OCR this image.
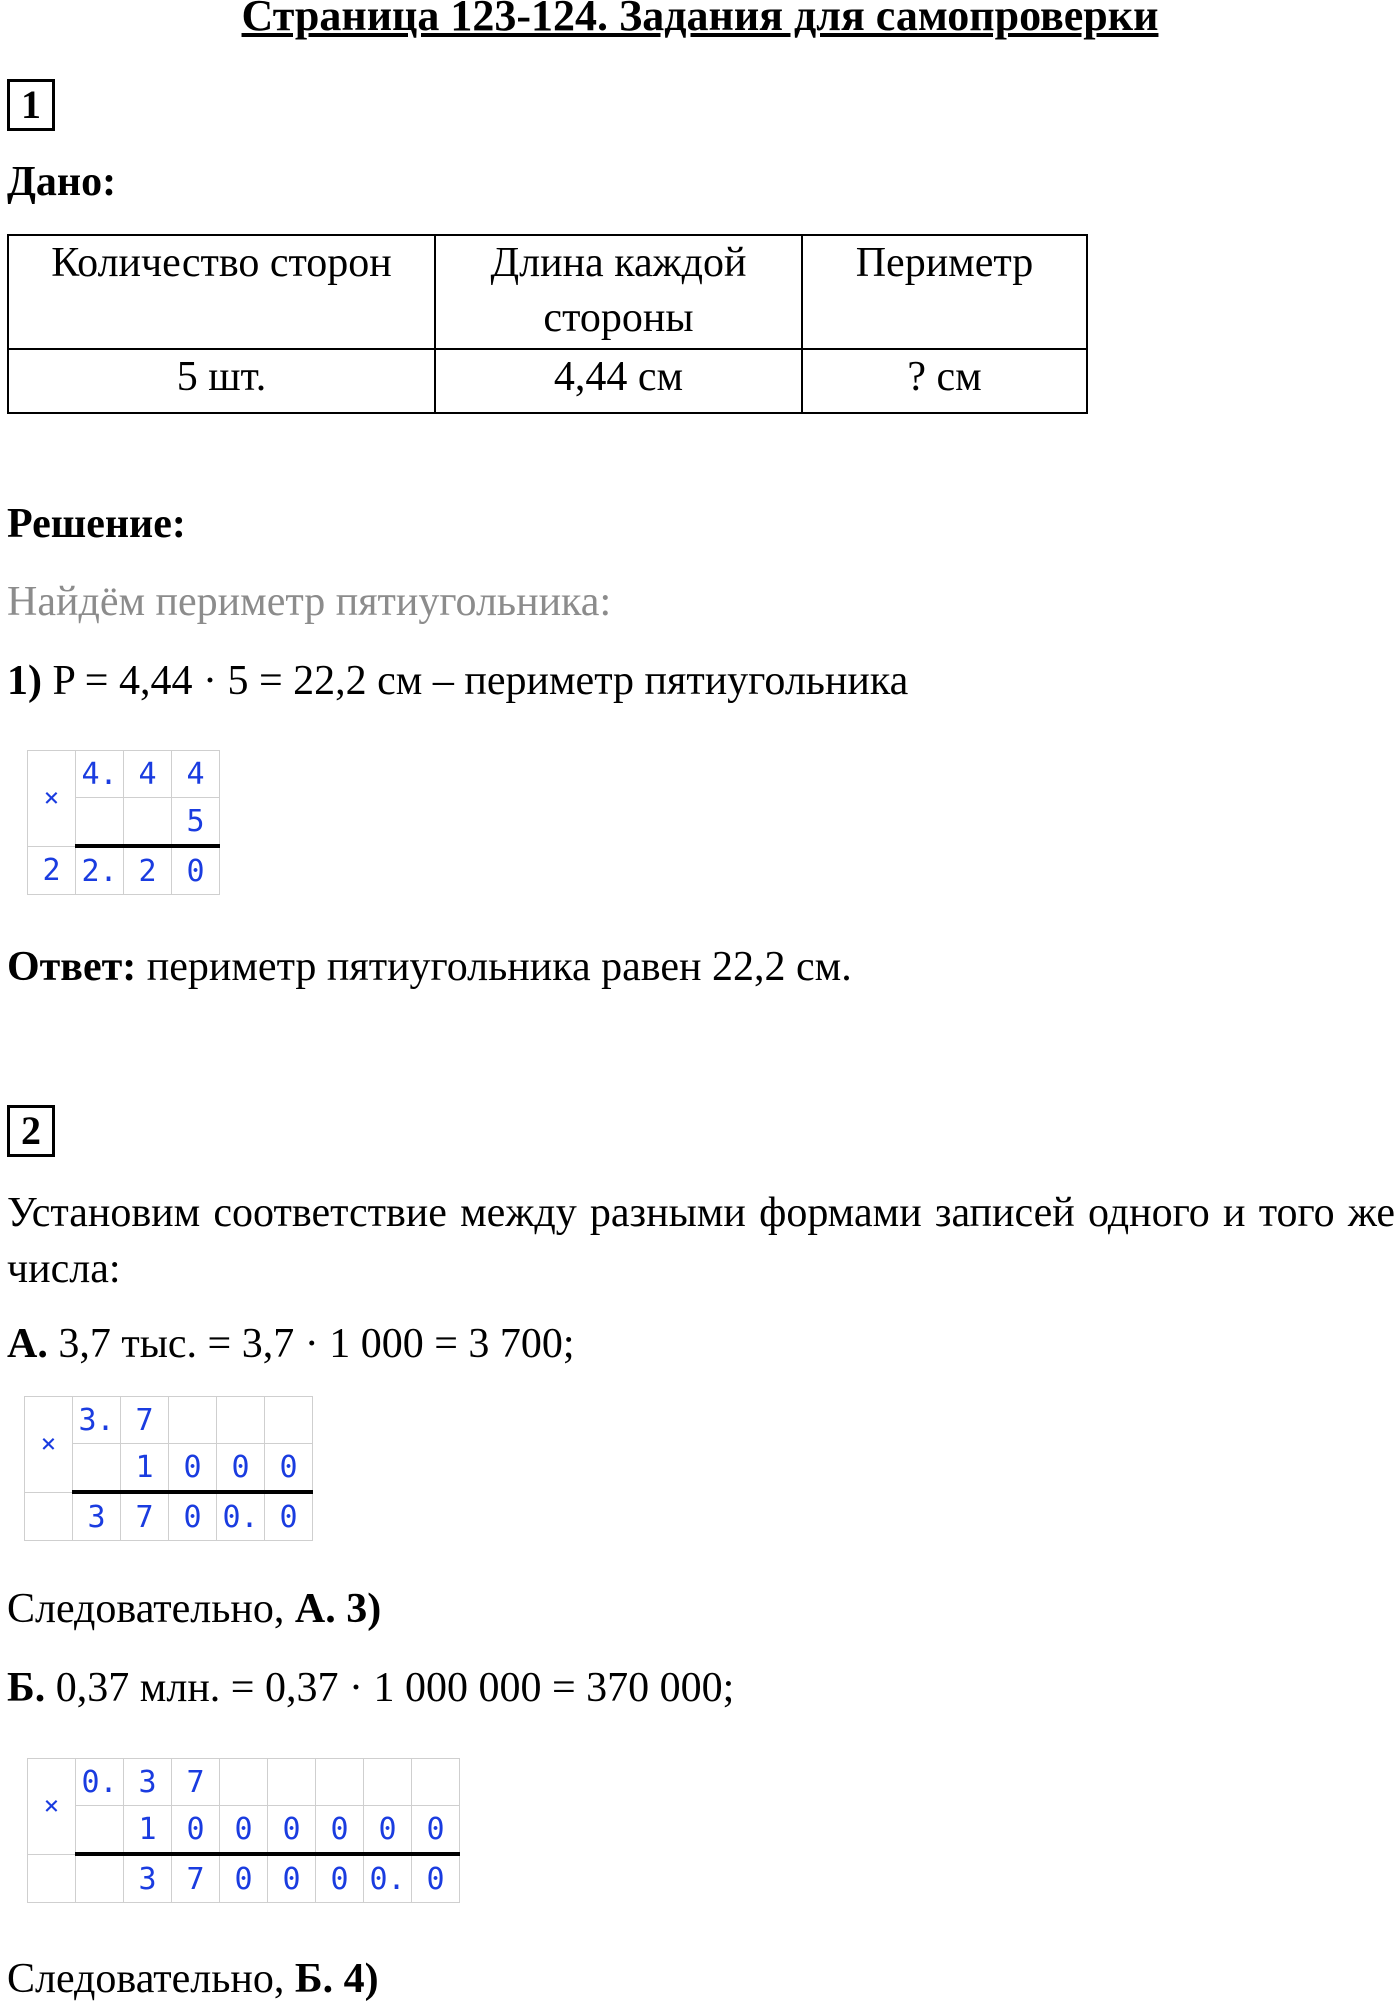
Страница 123-124. Задания для самопроверки
1
Дано:
Количество сторон	Длина каждой стороны	Периметр
5 шт.	4,44 см	? см
Решение:
Найдём периметр пятиугольника:
1) P = 4,44 · 5 = 22,2 см – периметр пятиугольника
×	4.	4	4
			5
2	2.	2	0
Ответ: периметр пятиугольника равен 22,2 см.
2
Установим соответствие между разными формами записей одного и того же числа:
А. 3,7 тыс. = 3,7 · 1 000 = 3 700;
×	3.	7			
		1	0	0	0
	3	7	0	0.	0
Следовательно, А. 3)
Б. 0,37 млн. = 0,37 · 1 000 000 = 370 000;
×	0.	3	7					
		1	0	0	0	0	0	0
		3	7	0	0	0	0.	0
Следовательно, Б. 4)
